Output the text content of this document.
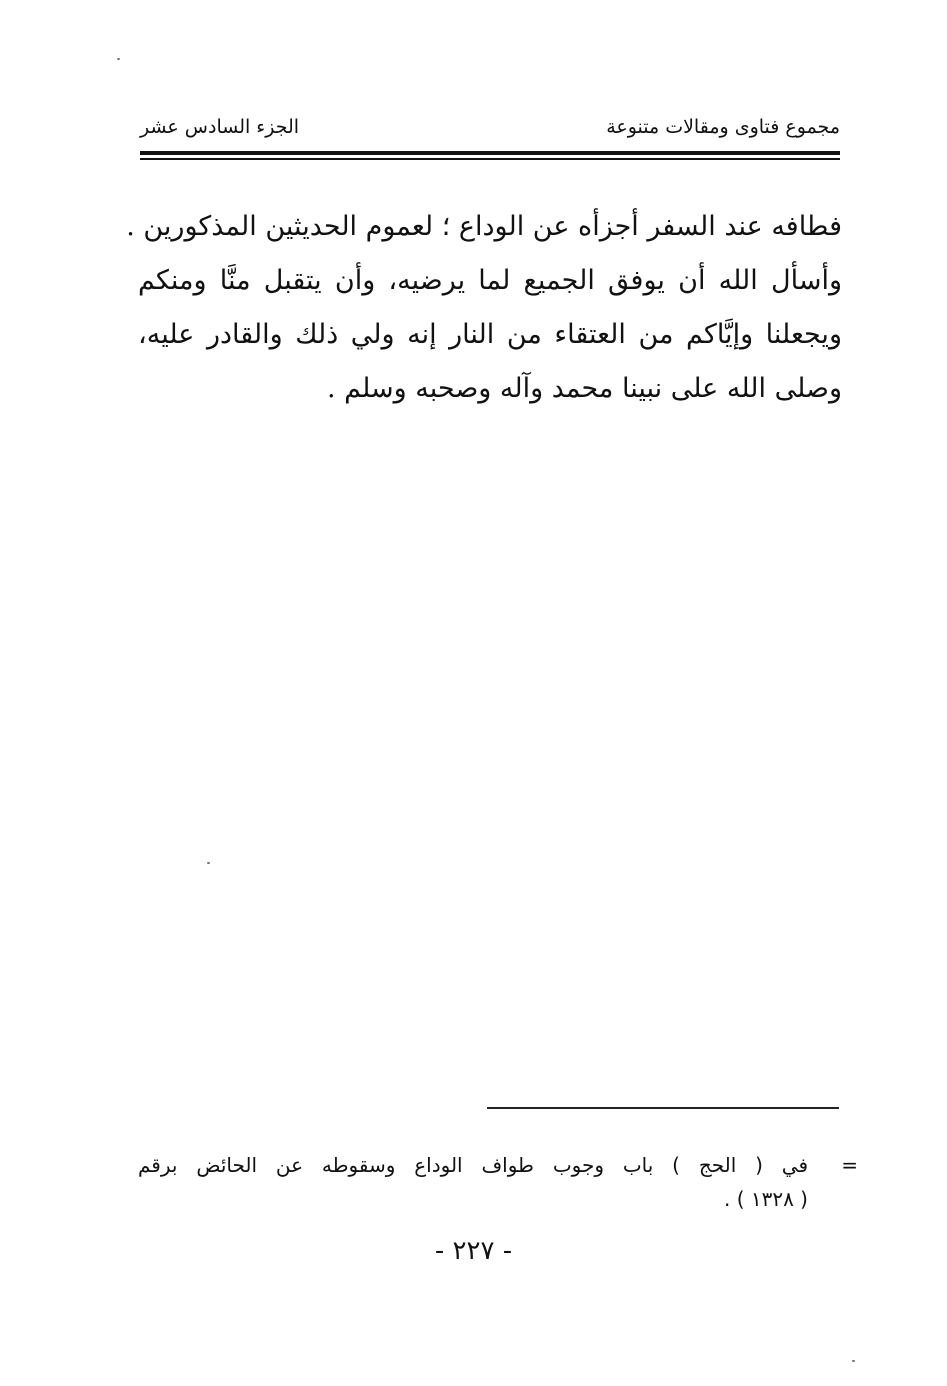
مجموع فتاوى ومقالات متنوعة
الجزء السادس عشر
فطافه عند السفر أجزأه عن الوداع ؛ لعموم الحديثين المذكورين .
وأسأل الله أن يوفق الجميع لما يرضيه، وأن يتقبل منَّا ومنكم
ويجعلنا وإيَّاكم من العتقاء من النار إنه ولي ذلك والقادر عليه،
وصلى الله على نبينا محمد وآله وصحبه وسلم .
=
في ( الحج ) باب وجوب طواف الوداع وسقوطه عن الحائض برقم
( ١٣٢٨ ) .
- ٢٢٧ -
